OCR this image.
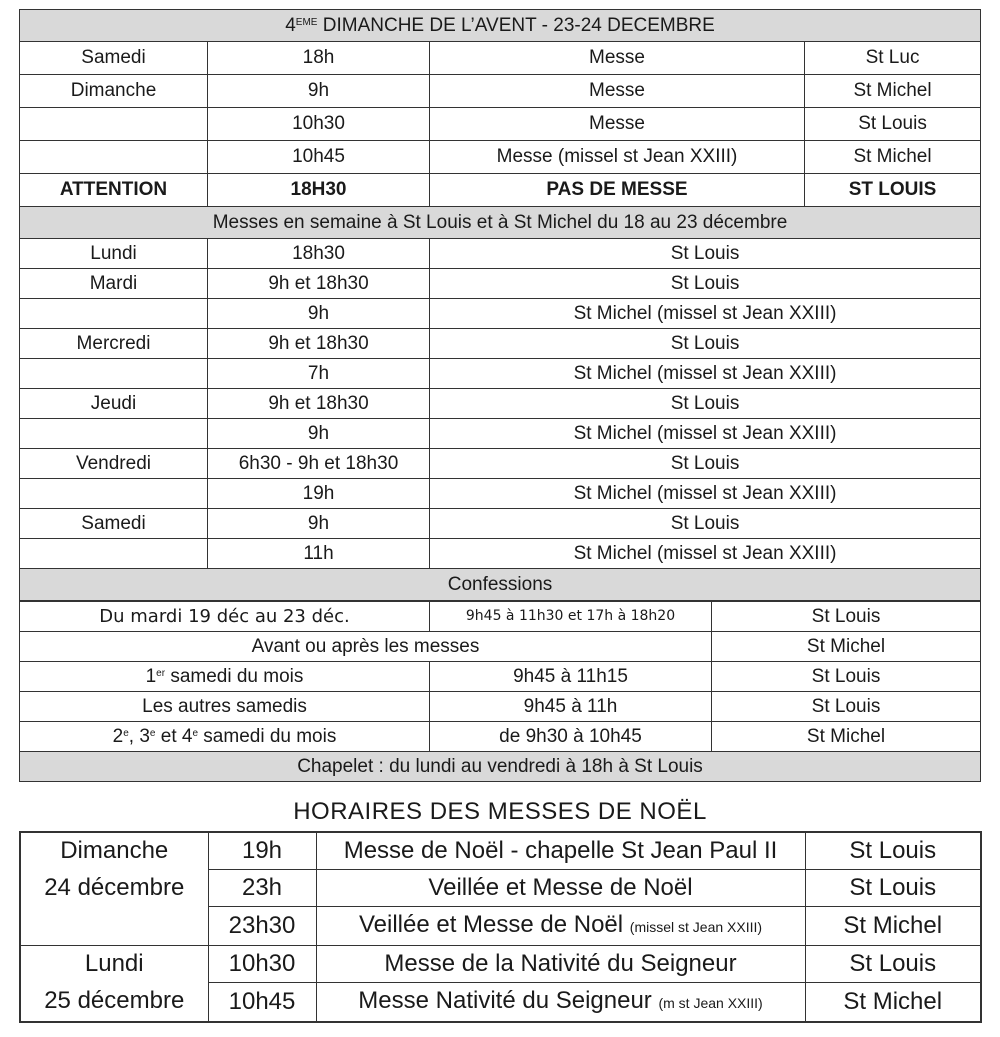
4EME DIMANCHE DE L’AVENT - 23-24 DECEMBRE			
Samedi	18h	Messe	St Luc
Dimanche	9h	Messe	St Michel
	10h30	Messe	St Louis
	10h45	Messe (missel st Jean XXIII)	St Michel
ATTENTION	18H30	PAS DE MESSE	ST LOUIS
Messes en semaine à St Louis et à St Michel du 18 au 23 décembre			
Lundi	18h30	St Louis	
Mardi	9h et 18h30	St Louis	
	9h	St Michel (missel st Jean XXIII)	
Mercredi	9h et 18h30	St Louis	
	7h	St Michel (missel st Jean XXIII)	
Jeudi	9h et 18h30	St Louis	
	9h	St Michel (missel st Jean XXIII)	
Vendredi	6h30 - 9h et 18h30	St Louis	
	19h	St Michel (missel st Jean XXIII)	
Samedi	9h	St Louis	
	11h	St Michel (missel st Jean XXIII)	
Confessions			
Du mardi 19 déc au 23 déc.	9h45 à 11h30 et 17h à 18h20	St Louis
Avant ou après les messes		St Michel
1er samedi du mois	9h45 à 11h15	St Louis
Les autres samedis	9h45 à 11h	St Louis
2e, 3e et 4e samedi du mois	de 9h30 à 10h45	St Michel
Chapelet : du lundi au vendredi à 18h à St Louis		
HORAIRES DES MESSES DE NOËL
Dimanche	19h	Messe de Noël - chapelle St Jean Paul II	St Louis
24 décembre	23h	Veillée et Messe de Noël	St Louis
	23h30	Veillée et Messe de Noël (missel st Jean XXIII)	St Michel
Lundi	10h30	Messe de la Nativité du Seigneur	St Louis
25 décembre	10h45	Messe Nativité du Seigneur (m st Jean XXIII)	St Michel
